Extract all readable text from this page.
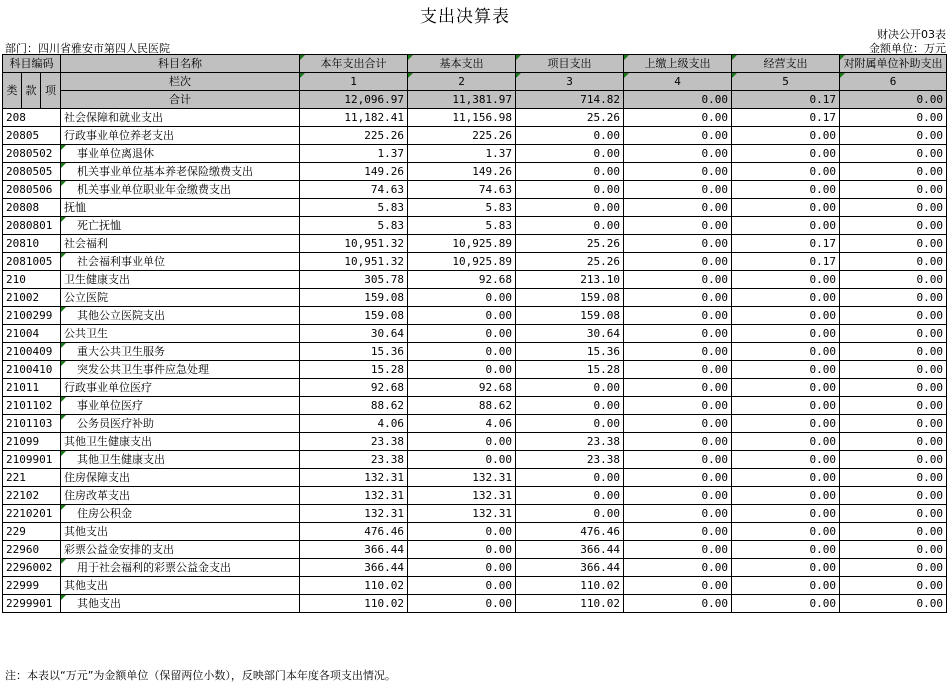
支出决算表
财决公开03表
部门：四川省雅安市第四人民医院	金额单位：万元
科目编码			科目名称	本年支出合计	基本支出	项目支出	上缴上级支出	经营支出	对附属单位补助支出
类	款	项	栏次	1	2	3	4	5	6
			合计	12,096.97	11,381.97	714.82	0.00	0.17	0.00
208			社会保障和就业支出	11,182.41	11,156.98	25.26	0.00	0.17	0.00
20805			行政事业单位养老支出	225.26	225.26	0.00	0.00	0.00	0.00
2080502			事业单位离退休	1.37	1.37	0.00	0.00	0.00	0.00
2080505			机关事业单位基本养老保险缴费支出	149.26	149.26	0.00	0.00	0.00	0.00
2080506			机关事业单位职业年金缴费支出	74.63	74.63	0.00	0.00	0.00	0.00
20808			抚恤	5.83	5.83	0.00	0.00	0.00	0.00
2080801			死亡抚恤	5.83	5.83	0.00	0.00	0.00	0.00
20810			社会福利	10,951.32	10,925.89	25.26	0.00	0.17	0.00
2081005			社会福利事业单位	10,951.32	10,925.89	25.26	0.00	0.17	0.00
210			卫生健康支出	305.78	92.68	213.10	0.00	0.00	0.00
21002			公立医院	159.08	0.00	159.08	0.00	0.00	0.00
2100299			其他公立医院支出	159.08	0.00	159.08	0.00	0.00	0.00
21004			公共卫生	30.64	0.00	30.64	0.00	0.00	0.00
2100409			重大公共卫生服务	15.36	0.00	15.36	0.00	0.00	0.00
2100410			突发公共卫生事件应急处理	15.28	0.00	15.28	0.00	0.00	0.00
21011			行政事业单位医疗	92.68	92.68	0.00	0.00	0.00	0.00
2101102			事业单位医疗	88.62	88.62	0.00	0.00	0.00	0.00
2101103			公务员医疗补助	4.06	4.06	0.00	0.00	0.00	0.00
21099			其他卫生健康支出	23.38	0.00	23.38	0.00	0.00	0.00
2109901			其他卫生健康支出	23.38	0.00	23.38	0.00	0.00	0.00
221			住房保障支出	132.31	132.31	0.00	0.00	0.00	0.00
22102			住房改革支出	132.31	132.31	0.00	0.00	0.00	0.00
2210201			住房公积金	132.31	132.31	0.00	0.00	0.00	0.00
229			其他支出	476.46	0.00	476.46	0.00	0.00	0.00
22960			彩票公益金安排的支出	366.44	0.00	366.44	0.00	0.00	0.00
2296002			用于社会福利的彩票公益金支出	366.44	0.00	366.44	0.00	0.00	0.00
22999			其他支出	110.02	0.00	110.02	0.00	0.00	0.00
2299901			其他支出	110.02	0.00	110.02	0.00	0.00	0.00
注：本表以“万元”为金额单位（保留两位小数），反映部门本年度各项支出情况。
